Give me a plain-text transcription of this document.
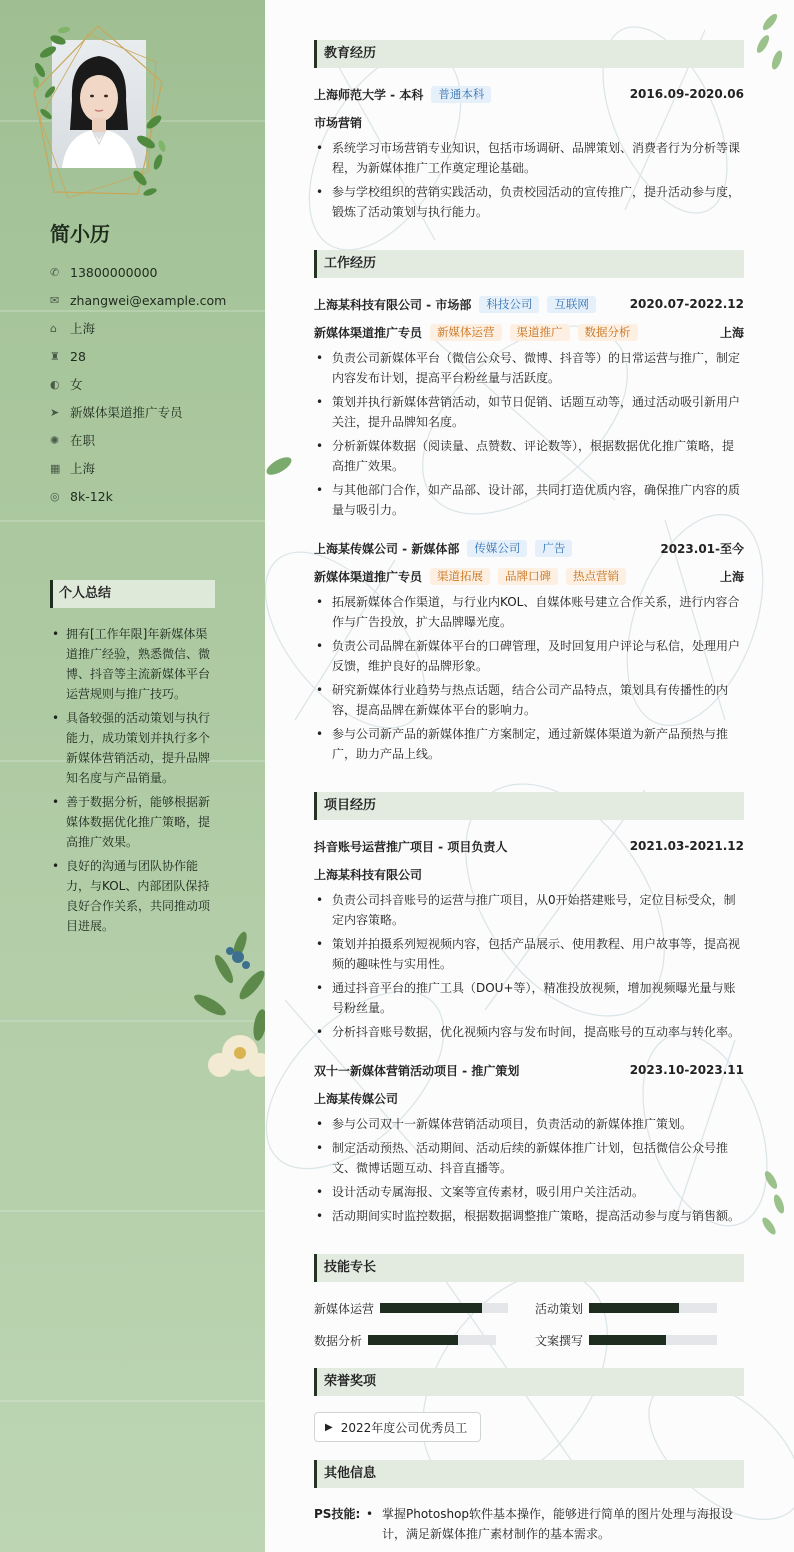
简小历
✆ 13800000000
✉ zhangwei@example.com
⌂	上海
♜ 28
◐ 女
➤ 新媒体渠道推广专员
✺ 在职
▦ 上海
◎ 8k-12k
个人总结
• 拥有[工作年限]年新媒体渠道推广经验，熟悉微信、微博、抖音等主流新媒体平台运营规则与推广技巧。
• 具备较强的活动策划与执行能力，成功策划并执行多个新媒体营销活动，提升品牌知名度与产品销量。
• 善于数据分析，能够根据新媒体数据优化推广策略，提高推广效果。
• 良好的沟通与团队协作能力，与KOL、内部团队保持良好合作关系，共同推动项目进展。
教育经历
上海师范大学 - 本科	普通本科	2016.09-2020.06
市场营销
• 系统学习市场营销专业知识，包括市场调研、品牌策划、消费者行为分析等课程，为新媒体推广工作奠定理论基础。
• 参与学校组织的营销实践活动，负责校园活动的宣传推广，提升活动参与度，锻炼了活动策划与执行能力。
工作经历
上海某科技有限公司 - 市场部	科技公司	互联网	2020.07-2022.12
新媒体渠道推广专员	新媒体运营	渠道推广	数据分析	上海
• 负责公司新媒体平台（微信公众号、微博、抖音等）的日常运营与推广，制定内容发布计划，提高平台粉丝量与活跃度。
• 策划并执行新媒体营销活动，如节日促销、话题互动等，通过活动吸引新用户关注，提升品牌知名度。
• 分析新媒体数据（阅读量、点赞数、评论数等），根据数据优化推广策略，提高推广效果。
• 与其他部门合作，如产品部、设计部，共同打造优质内容，确保推广内容的质量与吸引力。
上海某传媒公司 - 新媒体部	传媒公司	广告	2023.01-至今
新媒体渠道推广专员	渠道拓展	品牌口碑	热点营销	上海
• 拓展新媒体合作渠道，与行业内KOL、自媒体账号建立合作关系，进行内容合作与广告投放，扩大品牌曝光度。
• 负责公司品牌在新媒体平台的口碑管理，及时回复用户评论与私信，处理用户反馈，维护良好的品牌形象。
• 研究新媒体行业趋势与热点话题，结合公司产品特点，策划具有传播性的内容，提高品牌在新媒体平台的影响力。
• 参与公司新产品的新媒体推广方案制定，通过新媒体渠道为新产品预热与推广，助力产品上线。
项目经历
抖音账号运营推广项目 - 项目负责人	2021.03-2021.12
上海某科技有限公司
• 负责公司抖音账号的运营与推广项目，从0开始搭建账号，定位目标受众，制定内容策略。
• 策划并拍摄系列短视频内容，包括产品展示、使用教程、用户故事等，提高视频的趣味性与实用性。
• 通过抖音平台的推广工具（DOU+等），精准投放视频，增加视频曝光量与账号粉丝量。
• 分析抖音账号数据，优化视频内容与发布时间，提高账号的互动率与转化率。
双十一新媒体营销活动项目 - 推广策划	2023.10-2023.11
上海某传媒公司
• 参与公司双十一新媒体营销活动项目，负责活动的新媒体推广策划。
• 制定活动预热、活动期间、活动后续的新媒体推广计划，包括微信公众号推文、微博话题互动、抖音直播等。
• 设计活动专属海报、文案等宣传素材，吸引用户关注活动。
• 活动期间实时监控数据，根据数据调整推广策略，提高活动参与度与销售额。
技能专长
新媒体运营	活动策划
数据分析	文案撰写
荣誉奖项
▶ 2022年度公司优秀员工
其他信息
PS技能:
•	掌握Photoshop软件基本操作，能够进行简单的图片处理与海报设计，满足新媒体推广素材制作的基本需求。
